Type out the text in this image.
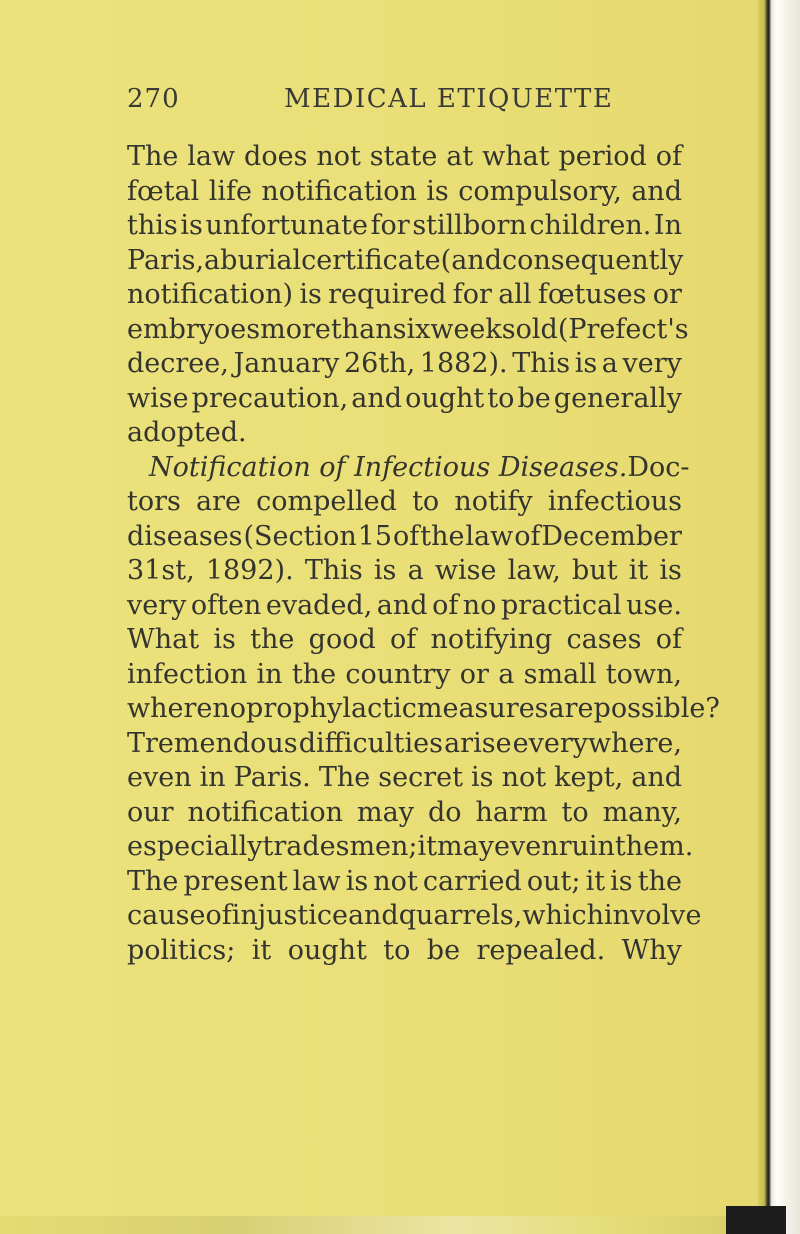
270	MEDICAL ETIQUETTE
The law does not state at what period of
fœtal life notification is compulsory, and
this is unfortunate for stillborn children. In
Paris, a burial certificate (and consequently
notification) is required for all fœtuses or
embryoes more than six weeks old (Prefect's
decree, January 26th, 1882). This is a very
wise precaution, and ought to be generally
adopted.
Notification of Infectious Diseases. Doc-
tors are compelled to notify infectious
diseases (Section 15 of the law of December
31st, 1892). This is a wise law, but it is
very often evaded, and of no practical use.
What is the good of notifying cases of
infection in the country or a small town,
where no prophylactic measures are possible?
Tremendous difficulties arise everywhere,
even in Paris. The secret is not kept, and
our notification may do harm to many,
especially tradesmen; it may even ruin them.
The present law is not carried out; it is the
cause of injustice and quarrels, which involve
politics; it ought to be repealed. Why
